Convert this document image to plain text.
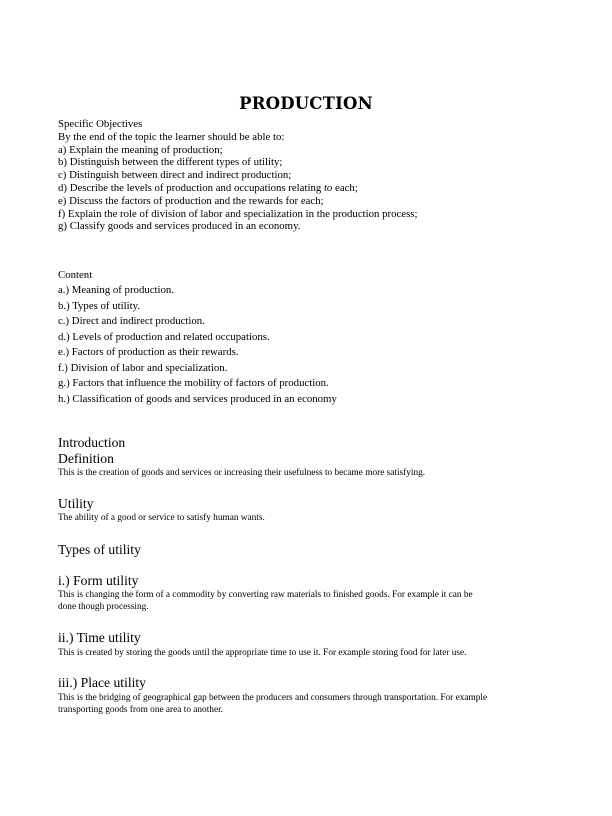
PRODUCTION
Specific Objectives
By the end of the topic the learner should be able to:
a) Explain the meaning of production;
b) Distinguish between the different types of utility;
c) Distinguish between direct and indirect production;
d) Describe the levels of production and occupations relating to each;
e) Discuss the factors of production and the rewards for each;
f) Explain the role of division of labor and specialization in the production process;
g) Classify goods and services produced in an economy.
Content
a.) Meaning of production.
b.) Types of utility.
c.) Direct and indirect production.
d.) Levels of production and related occupations.
e.) Factors of production as their rewards.
f.) Division of labor and specialization.
g.) Factors that influence the mobility of factors of production.
h.) Classification of goods and services produced in an economy
Introduction
Definition
This is the creation of goods and services or increasing their usefulness to became more satisfying.
Utility
The ability of a good or service to satisfy human wants.
Types of utility
i.) Form utility
This is changing the form of a commodity by converting raw materials to finished goods. For example it can be
done though processing.
ii.) Time utility
This is created by storing the goods until the appropriate time to use it. For example storing food for later use.
iii.) Place utility
This is the bridging of geographical gap between the producers and consumers through transportation. For example
transporting goods from one area to another.
